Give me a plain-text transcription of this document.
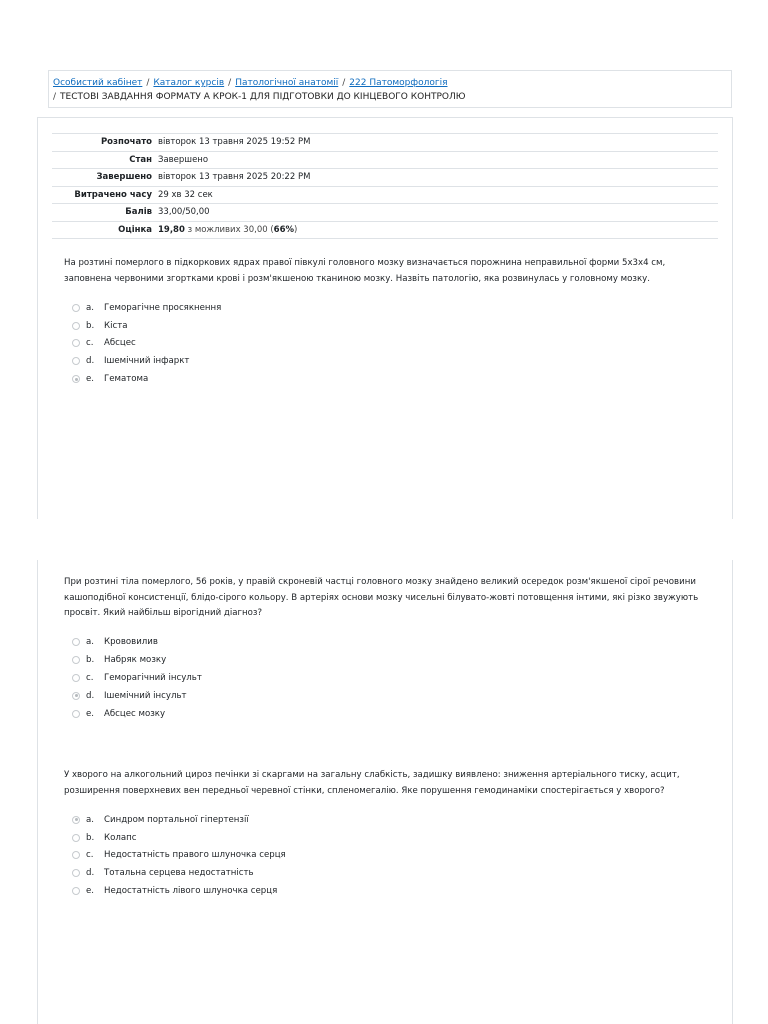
Особистий кабінет / Каталог курсів / Патологічної анатомії / 222 Патоморфологія
/ ТЕСТОВІ ЗАВДАННЯ ФОРМАТУ А КРОК-1 ДЛЯ ПІДГОТОВКИ ДО КІНЦЕВОГО КОНТРОЛЮ
Розпочато	вівторок 13 травня 2025 19:52 PM
Стан	Завершено
Завершено	вівторок 13 травня 2025 20:22 PM
Витрачено часу	29 хв 32 сек
Балів	33,00/50,00
Оцінка	19,80 з можливих 30,00 (66%)

На розтині померлого в підкоркових ядрах правої півкулі головного мозку визначається порожнина неправильної форми 5х3х4 см, заповнена червоними згортками крові і розм'якшеною тканиною мозку. Назвіть патологію, яка розвинулась у головному мозку.

a.	Геморагічне просякнення
b.	Кіста
c.	Абсцес
d.	Ішемічний інфаркт
e.	Гематома

При розтині тіла померлого, 56 років, у правій скроневій частці головного мозку знайдено великий осередок розм'якшеної сірої речовини кашоподібної консистенції, блідо-сірого кольору. В артеріях основи мозку чисельні білувато-жовті потовщення інтими, які різко звужують просвіт. Який найбільш вірогідний діагноз?

a.	Крововилив
b.	Набряк мозку
c.	Геморагічний інсульт
d.	Ішемічний інсульт
e.	Абсцес мозку

У хворого на алкогольний цироз печінки зі скаргами на загальну слабкість, задишку виявлено: зниження артеріального тиску, асцит, розширення поверхневих вен передньої черевної стінки, спленомегалію. Яке порушення гемодинаміки спостерігається у хворого?

a.	Синдром портальної гіпертензії
b.	Колапс
c.	Недостатність правого шлуночка серця
d.	Тотальна серцева недостатність
e.	Недостатність лівого шлуночка серця
